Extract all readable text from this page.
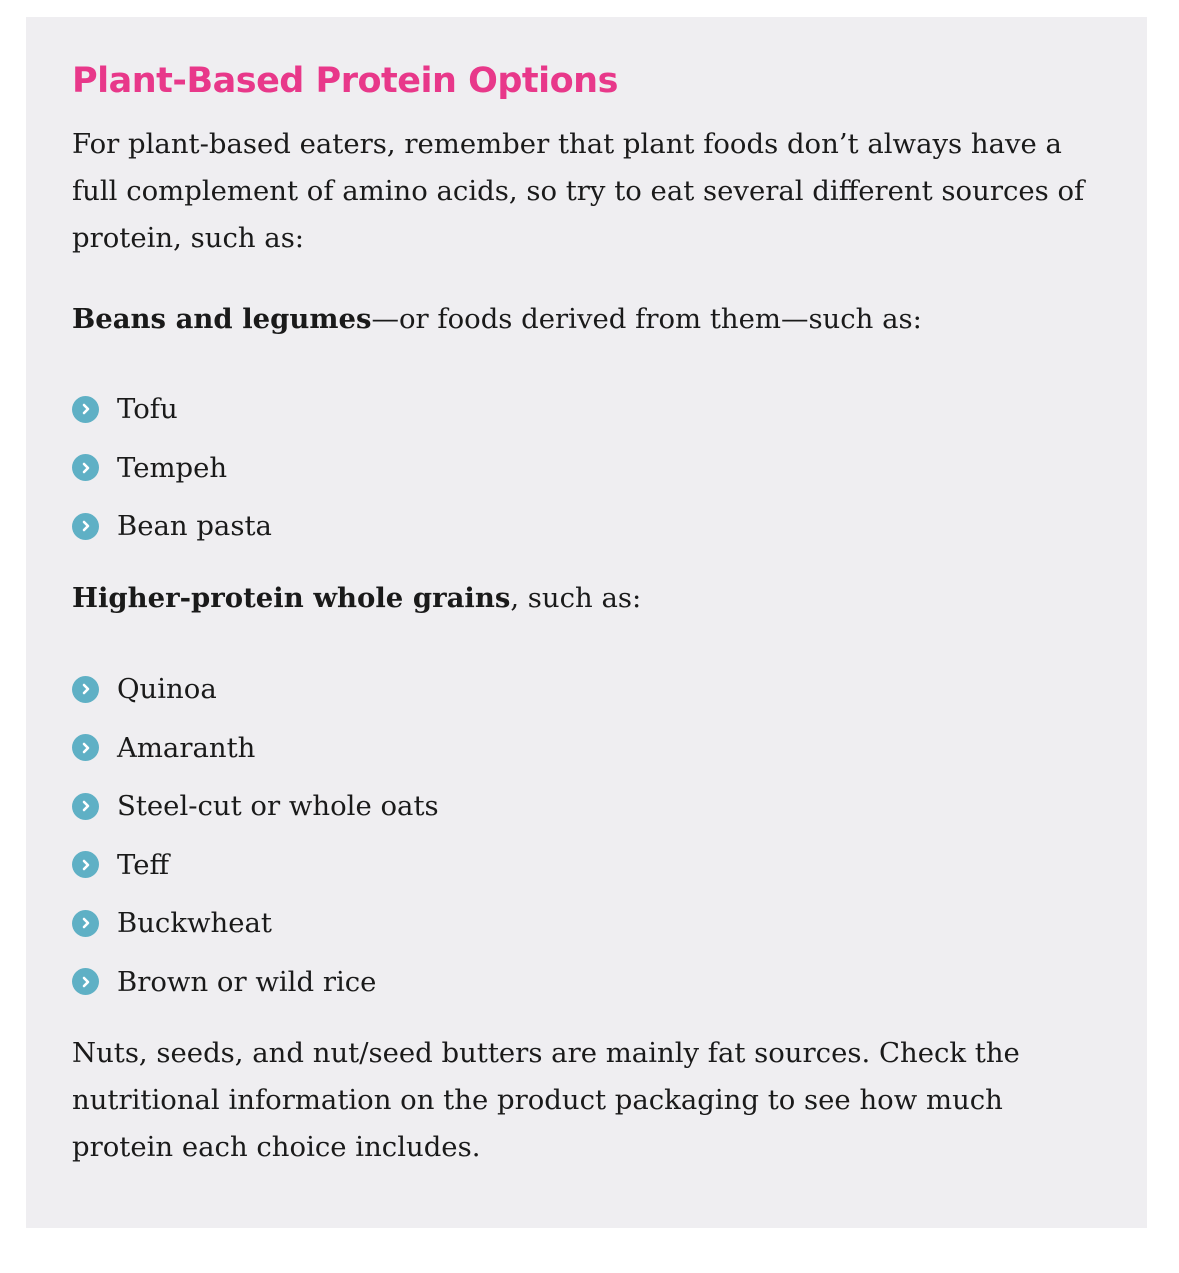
Plant-Based Protein Options
For plant-based eaters, remember that plant foods don’t always have a
full complement of amino acids, so try to eat several different sources of
protein, such as:

Beans and legumes—or foods derived from them—such as:

Tofu
Tempeh
Bean pasta

Higher-protein whole grains, such as:

Quinoa
Amaranth
Steel-cut or whole oats
Teff
Buckwheat
Brown or wild rice
Nuts, seeds, and nut/seed butters are mainly fat sources. Check the
nutritional information on the product packaging to see how much
protein each choice includes.
